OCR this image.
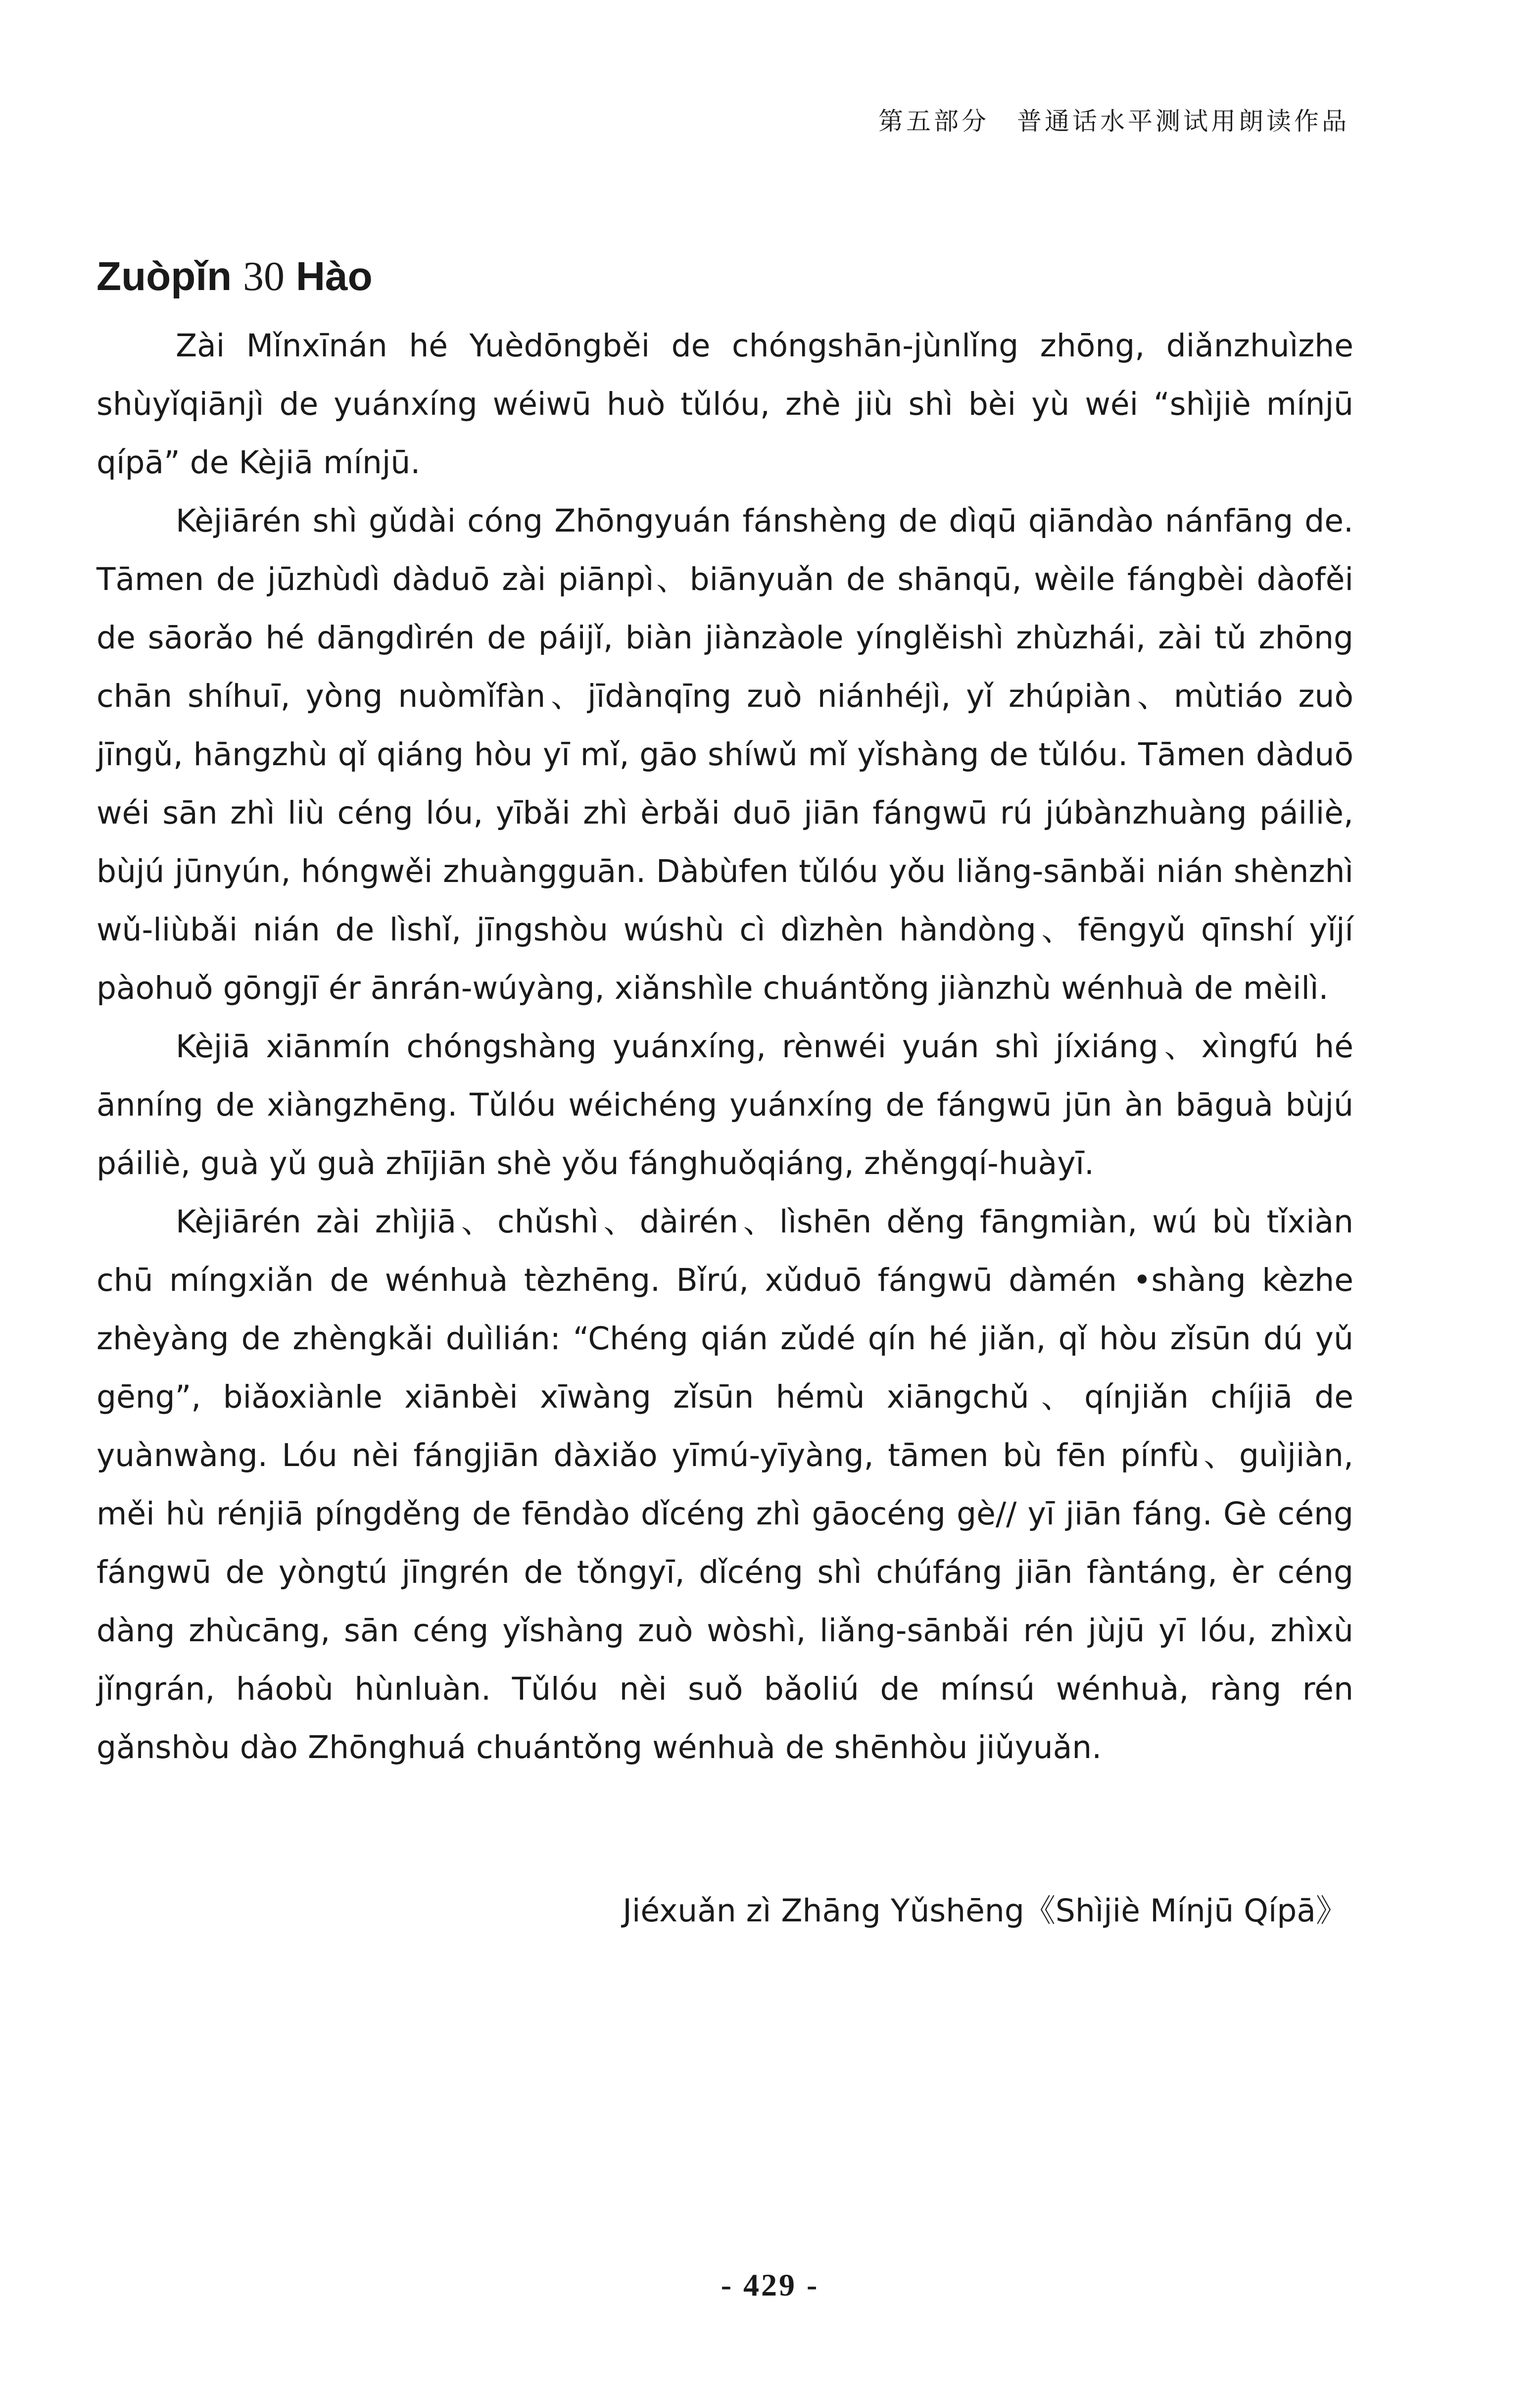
第五部分　普通话水平测试用朗读作品
Zuòpǐn 30 Hào

Zài Mǐnxīnán hé Yuèdōngběi de chóngshān-jùnlǐng zhōng, diǎnzhuìzhe shùyǐqiānjì de yuánxíng wéiwū huò tǔlóu, zhè jiù shì bèi yù wéi “shìjiè mínjū qípā” de Kèjiā mínjū.

Kèjiārén shì gǔdài cóng Zhōngyuán fánshèng de dìqū qiāndào nánfāng de. Tāmen de jūzhùdì dàduō zài piānpì、biānyuǎn de shānqū, wèile fángbèi dàofěi de sāorǎo hé dāngdìrén de páijǐ, biàn jiànzàole yínglěishì zhùzhái, zài tǔ zhōng chān shíhuī, yòng nuòmǐfàn、jīdànqīng zuò niánhéjì, yǐ zhúpiàn、mùtiáo zuò jīngǔ, hāngzhù qǐ qiáng hòu yī mǐ, gāo shíwǔ mǐ yǐshàng de tǔlóu. Tāmen dàduō wéi sān zhì liù céng lóu, yībǎi zhì èrbǎi duō jiān fángwū rú júbànzhuàng páiliè, bùjú jūnyún, hóngwěi zhuàngguān. Dàbùfen tǔlóu yǒu liǎng-sānbǎi nián shènzhì wǔ-liùbǎi nián de lìshǐ, jīngshòu wúshù cì dìzhèn hàndòng、fēngyǔ qīnshí yǐjí pàohuǒ gōngjī ér ānrán-wúyàng, xiǎnshìle chuántǒng jiànzhù wénhuà de mèilì.

Kèjiā xiānmín chóngshàng yuánxíng, rènwéi yuán shì jíxiáng、xìngfú hé ānníng de xiàngzhēng. Tǔlóu wéichéng yuánxíng de fángwū jūn àn bāguà bùjú páiliè, guà yǔ guà zhījiān shè yǒu fánghuǒqiáng, zhěngqí-huàyī.

Kèjiārén zài zhìjiā、chǔshì、dàirén、lìshēn děng fāngmiàn, wú bù tǐxiàn chū míngxiǎn de wénhuà tèzhēng. Bǐrú, xǔduō fángwū dàmén •shàng kèzhe zhèyàng de zhèngkǎi duìlián: “Chéng qián zǔdé qín hé jiǎn, qǐ hòu zǐsūn dú yǔ gēng”, biǎoxiànle xiānbèi xīwàng zǐsūn hémù xiāngchǔ、qínjiǎn chíjiā de yuànwàng. Lóu nèi fángjiān dàxiǎo yīmú-yīyàng, tāmen bù fēn pínfù、guìjiàn, měi hù rénjiā píngděng de fēndào dǐcéng zhì gāocéng gè// yī jiān fáng. Gè céng fángwū de yòngtú jīngrén de tǒngyī, dǐcéng shì chúfáng jiān fàntáng, èr céng dàng zhùcāng, sān céng yǐshàng zuò wòshì, liǎng-sānbǎi rén jùjū yī lóu, zhìxù jǐngrán, háobù hùnluàn. Tǔlóu nèi suǒ bǎoliú de mínsú wénhuà, ràng rén gǎnshòu dào Zhōnghuá chuántǒng wénhuà de shēnhòu jiǔyuǎn.

Jiéxuǎn zì Zhāng Yǔshēng《Shìjiè Mínjū Qípā》
- 429 -
